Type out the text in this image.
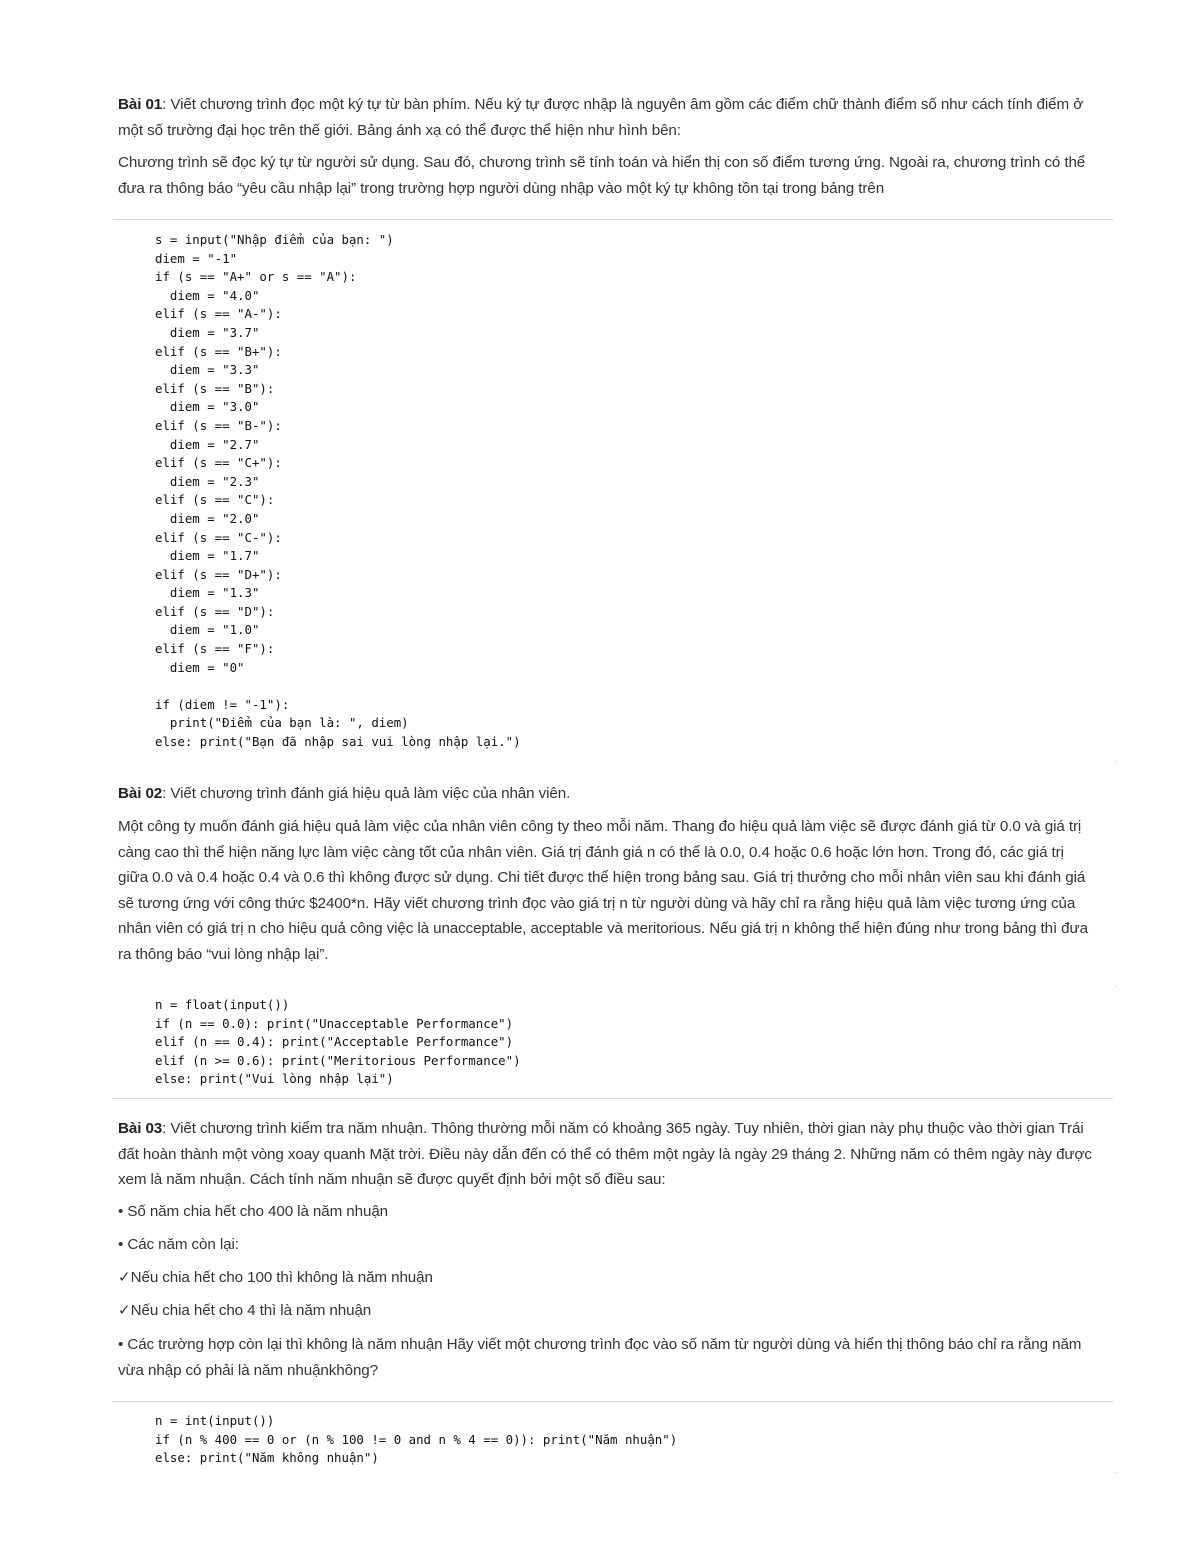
Bài 01: Viết chương trình đọc một ký tự từ bàn phím. Nếu ký tự được nhập là nguyên âm gồm các điểm chữ thành điểm số như cách tính điểm ở một số trường đại học trên thế giới. Bảng ánh xạ có thể được thể hiện như hình bên:

Chương trình sẽ đọc ký tự từ người sử dụng. Sau đó, chương trình sẽ tính toán và hiển thị con số điểm tương ứng. Ngoài ra, chương trình có thể đưa ra thông báo “yêu cầu nhập lại” trong trường hợp người dùng nhập vào một ký tự không tồn tại trong bảng trên

s = input("Nhập điểm của bạn: ")
diem = "-1"
if (s == "A+" or s == "A"):
diem = "4.0"
elif (s == "A-"):
diem = "3.7"
elif (s == "B+"):
diem = "3.3"
elif (s == "B"):
diem = "3.0"
elif (s == "B-"):
diem = "2.7"
elif (s == "C+"):
diem = "2.3"
elif (s == "C"):
diem = "2.0"
elif (s == "C-"):
diem = "1.7"
elif (s == "D+"):
diem = "1.3"
elif (s == "D"):
diem = "1.0"
elif (s == "F"):
diem = "0"

if (diem != "-1"):
print("Điểm của bạn là: ", diem)
else: print("Bạn đã nhập sai vui lòng nhập lại.")
·

Bài 02: Viết chương trình đánh giá hiệu quả làm việc của nhân viên.

Một công ty muốn đánh giá hiệu quả làm việc của nhân viên công ty theo mỗi năm. Thang đo hiệu quả làm việc sẽ được đánh giá từ 0.0 và giá trị càng cao thì thể hiện năng lực làm việc càng tốt của nhân viên. Giá trị đánh giá n có thể là 0.0, 0.4 hoặc 0.6 hoặc lớn hơn. Trong đó, các giá trị giữa 0.0 và 0.4 hoặc 0.4 và 0.6 thì không được sử dụng. Chi tiết được thể hiện trong bảng sau. Giá trị thưởng cho mỗi nhân viên sau khi đánh giá sẽ tương ứng với công thức $2400*n. Hãy viết chương trình đọc vào giá trị n từ người dùng và hãy chỉ ra rằng hiệu quả làm việc tương ứng của nhân viên có giá trị n cho hiệu quả công việc là unacceptable, acceptable và meritorious. Nếu giá trị n không thể hiện đúng như trong bảng thì đưa ra thông báo “vui lòng nhập lại”.

·
n = float(input())
if (n == 0.0): print("Unacceptable Performance")
elif (n == 0.4): print("Acceptable Performance")
elif (n >= 0.6): print("Meritorious Performance")
else: print("Vui lòng nhập lại")

Bài 03: Viết chương trình kiểm tra năm nhuận. Thông thường mỗi năm có khoảng 365 ngày. Tuy nhiên, thời gian này phụ thuộc vào thời gian Trái đất hoàn thành một vòng xoay quanh Mặt trời. Điều này dẫn đến có thể có thêm một ngày là ngày 29 tháng 2. Những năm có thêm ngày này được xem là năm nhuận. Cách tính năm nhuận sẽ được quyết định bởi một số điều sau:

• Số năm chia hết cho 400 là năm nhuận

• Các năm còn lại:

✓Nếu chia hết cho 100 thì không là năm nhuận

✓Nếu chia hết cho 4 thì là năm nhuận

• Các trường hợp còn lại thì không là năm nhuận Hãy viết một chương trình đọc vào số năm từ người dùng và hiển thị thông báo chỉ ra rằng năm vừa nhập có phải là năm nhuậnkhông?

n = int(input())
if (n % 400 == 0 or (n % 100 != 0 and n % 4 == 0)): print("Năm nhuận")
else: print("Năm không nhuận")
·
